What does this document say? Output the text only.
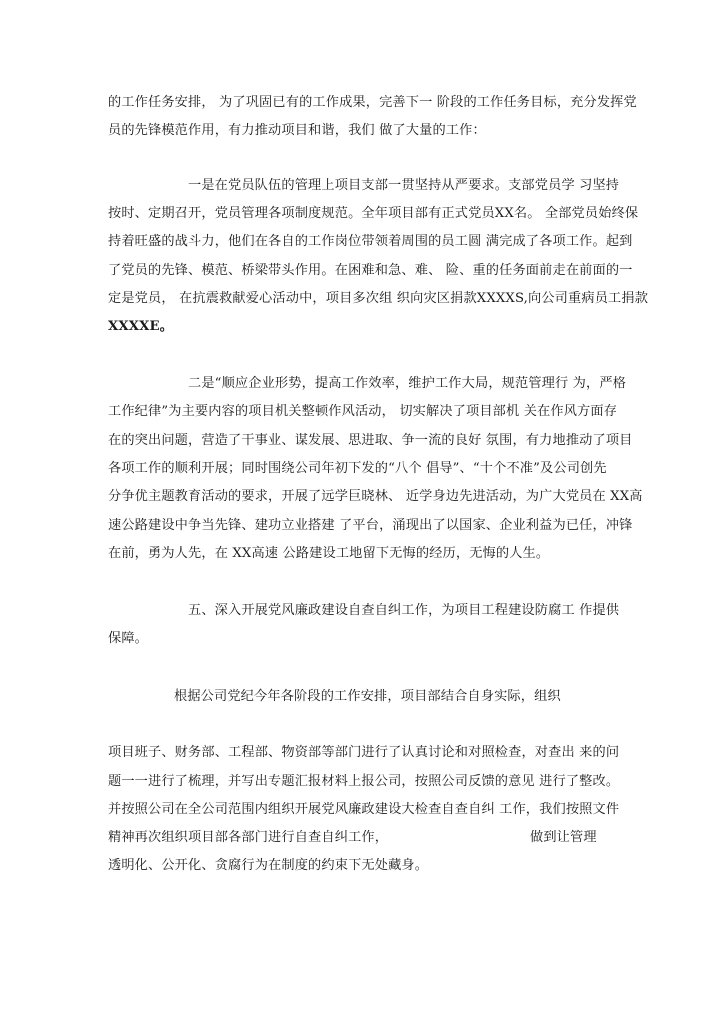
的工作任务安排， 为了巩固已有的工作成果，完善下一 阶段的工作任务目标，充分发挥党
员的先锋模范作用，有力推动项目和谐，我们 做了大量的工作：
一是在党员队伍的管理上项目支部一贯坚持从严要求。支部党员学 习坚持
按时、定期召开，党员管理各项制度规范。全年项目部有正式党员XX名。 全部党员始终保
持着旺盛的战斗力，他们在各自的工作岗位带领着周围的员工圆 满完成了各项工作。起到
了党员的先锋、模范、桥梁带头作用。在困难和急、难、 险、重的任务面前走在前面的一
定是党员， 在抗震救献爱心活动中，项目多次组 织向灾区捐款XXXXS,向公司重病员工捐款
XXXXE。
二是“顺应企业形势，提高工作效率，维护工作大局，规范管理行 为，严格
工作纪律”为主要内容的项目机关整顿作风活动， 切实解决了项目部机 关在作风方面存
在的突出问题，营造了干事业、谋发展、思进取、争一流的良好 氛围，有力地推动了项目
各项工作的顺利开展；同时围绕公司年初下发的“八个 倡导”、“十个不准”及公司创先
分争优主题教育活动的要求，开展了远学巨晓林、 近学身边先进活动，为广大党员在 XX高
速公路建设中争当先锋、建功立业搭建 了平台，涌现出了以国家、企业利益为已任，冲锋
在前，勇为人先，在 XX高速 公路建设工地留下无悔的经历，无悔的人生。
五、深入开展党风廉政建设自查自纠工作，为项目工程建设防腐工 作提供
保障。
根据公司党纪今年各阶段的工作安排，项目部结合自身实际，组织
项目班子、财务部、工程部、物资部等部门进行了认真讨论和对照检查，对查出 来的问
题一一进行了梳理，并写出专题汇报材料上报公司，按照公司反馈的意见 进行了整改。
并按照公司在全公司范围内组织开展党风廉政建设大检查自查自纠 工作，我们按照文件
精神再次组织项目部各部门进行自查自纠工作，	做到让管理
透明化、公开化、贪腐行为在制度的约束下无处藏身。
